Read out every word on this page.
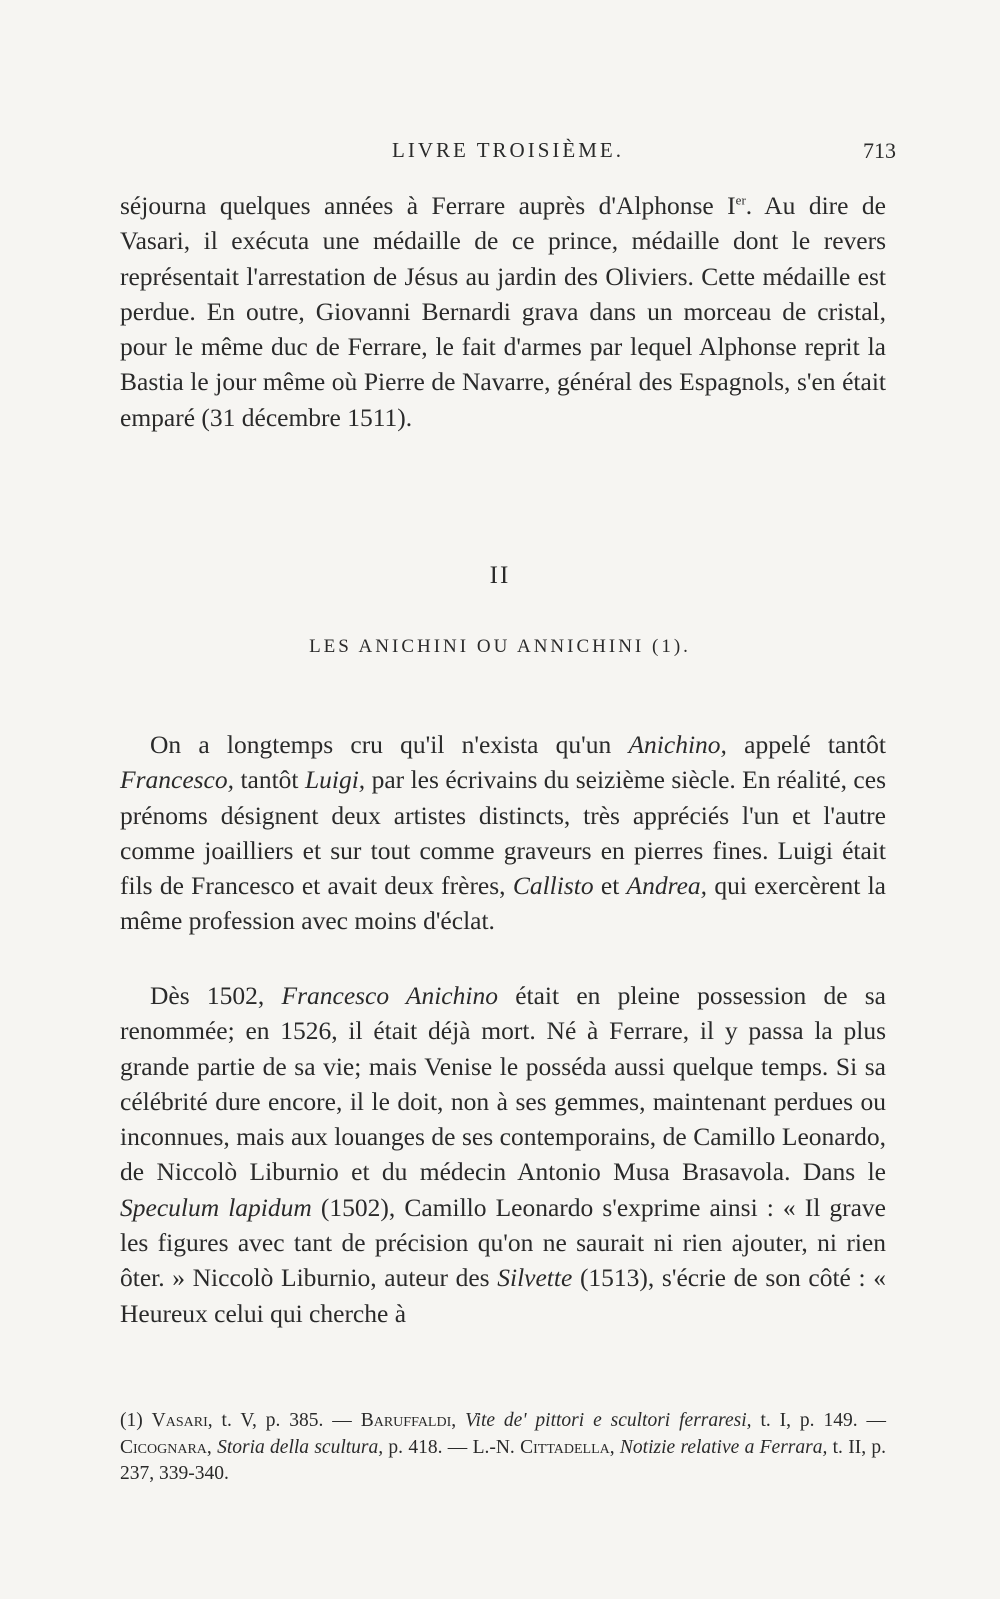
LIVRE TROISIÈME.	713

séjourna quelques années à Ferrare auprès d'Alphonse Ier. Au dire de Vasari, il exécuta une médaille de ce prince, médaille dont le revers représentait l'arrestation de Jésus au jardin des Oliviers. Cette médaille est perdue. En outre, Giovanni Bernardi grava dans un morceau de cristal, pour le même duc de Ferrare, le fait d'armes par lequel Alphonse reprit la Bastia le jour même où Pierre de Navarre, général des Espagnols, s'en était emparé (31 décembre 1511).

II
LES ANICHINI OU ANNICHINI (1).

On a longtemps cru qu'il n'exista qu'un Anichino, appelé tantôt Francesco, tantôt Luigi, par les écrivains du seizième siècle. En réalité, ces prénoms désignent deux artistes distincts, très appréciés l'un et l'autre comme joailliers et sur tout comme graveurs en pierres fines. Luigi était fils de Francesco et avait deux frères, Callisto et Andrea, qui exercèrent la même profession avec moins d'éclat.

Dès 1502, Francesco Anichino était en pleine possession de sa renommée; en 1526, il était déjà mort. Né à Ferrare, il y passa la plus grande partie de sa vie; mais Venise le posséda aussi quelque temps. Si sa célébrité dure encore, il le doit, non à ses gemmes, maintenant perdues ou inconnues, mais aux louanges de ses contemporains, de Camillo Leonardo, de Niccolò Liburnio et du médecin Antonio Musa Brasavola. Dans le Speculum lapidum (1502), Camillo Leonardo s'exprime ainsi : « Il grave les figures avec tant de précision qu'on ne saurait ni rien ajouter, ni rien ôter. » Niccolò Liburnio, auteur des Silvette (1513), s'écrie de son côté : « Heureux celui qui cherche à

(1) Vasari, t. V, p. 385. — Baruffaldi, Vite de' pittori e scultori ferraresi, t. I, p. 149. — Cicognara, Storia della scultura, p. 418. — L.-N. Cittadella, Notizie relative a Ferrara, t. II, p. 237, 339-340.
